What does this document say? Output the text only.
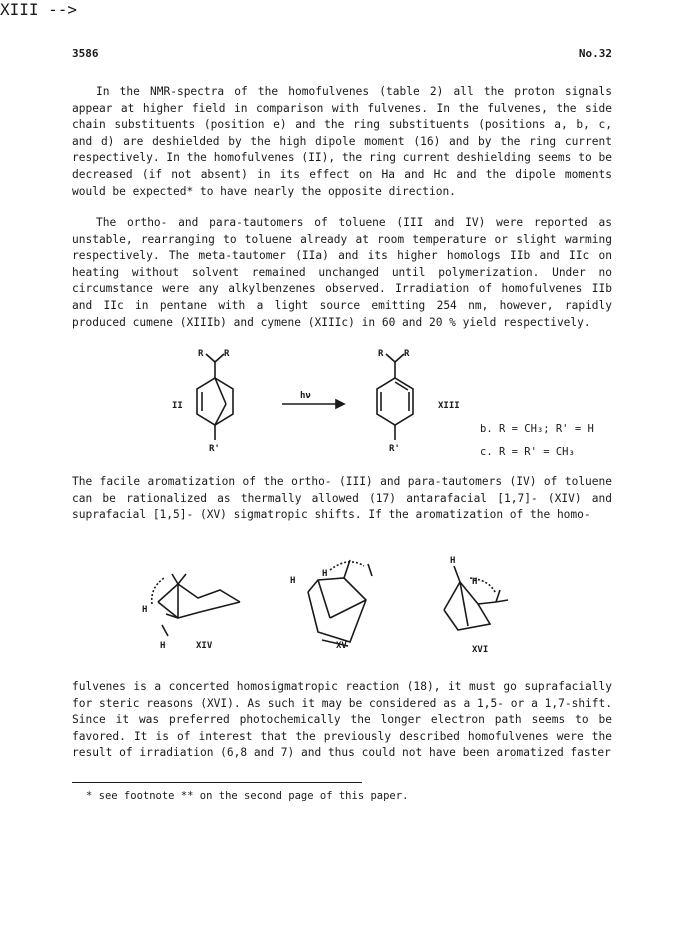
3586	No.32

In the NMR-spectra of the homofulvenes (table 2) all the proton signals appear at higher field in comparison with fulvenes. In the fulvenes, the side chain substituents (position e) and the ring substituents (positions a, b, c, and d) are deshielded by the high dipole moment (16) and by the ring current respectively. In the homofulvenes (II), the ring current deshielding seems to be decreased (if not absent) in its effect on Ha and Hc and the dipole moments would be expected* to have nearly the opposite direction.

The ortho- and para-tautomers of toluene (III and IV) were reported as unstable, rearranging to toluene already at room temperature or slight warming respectively. The meta-tautomer (IIa) and its higher homologs IIb and IIc on heating without solvent remained unchanged until polymerization. Under no circumstance were any alkylbenzenes observed. Irradiation of homofulvenes IIb and IIc in pentane with a light source emitting 254 nm, however, rapidly produced cumene (XIIIb) and cymene (XIIIc) in 60 and 20 % yield respectively.

XIII -->
R R
R'
II
hν
R R
R'
XIII
b. R = CH₃; R' = H
c. R = R' = CH₃

The facile aromatization of the ortho- (III) and para-tautomers (IV) of toluene can be rationalized as thermally allowed (17) antarafacial [1,7]- (XIV) and suprafacial [1,5]- (XV) sigmatropic shifts. If the aromatization of the homo-

H
H	XIV
H
H
XV
H
H
XVI

fulvenes is a concerted homosigmatropic reaction (18), it must go suprafacially for steric reasons (XVI). As such it may be considered as a 1,5- or a 1,7-shift. Since it was preferred photochemically the longer electron path seems to be favored. It is of interest that the previously described homofulvenes were the result of irradiation (6,8 and 7) and thus could not have been aromatized faster

* see footnote ** on the second page of this paper.
